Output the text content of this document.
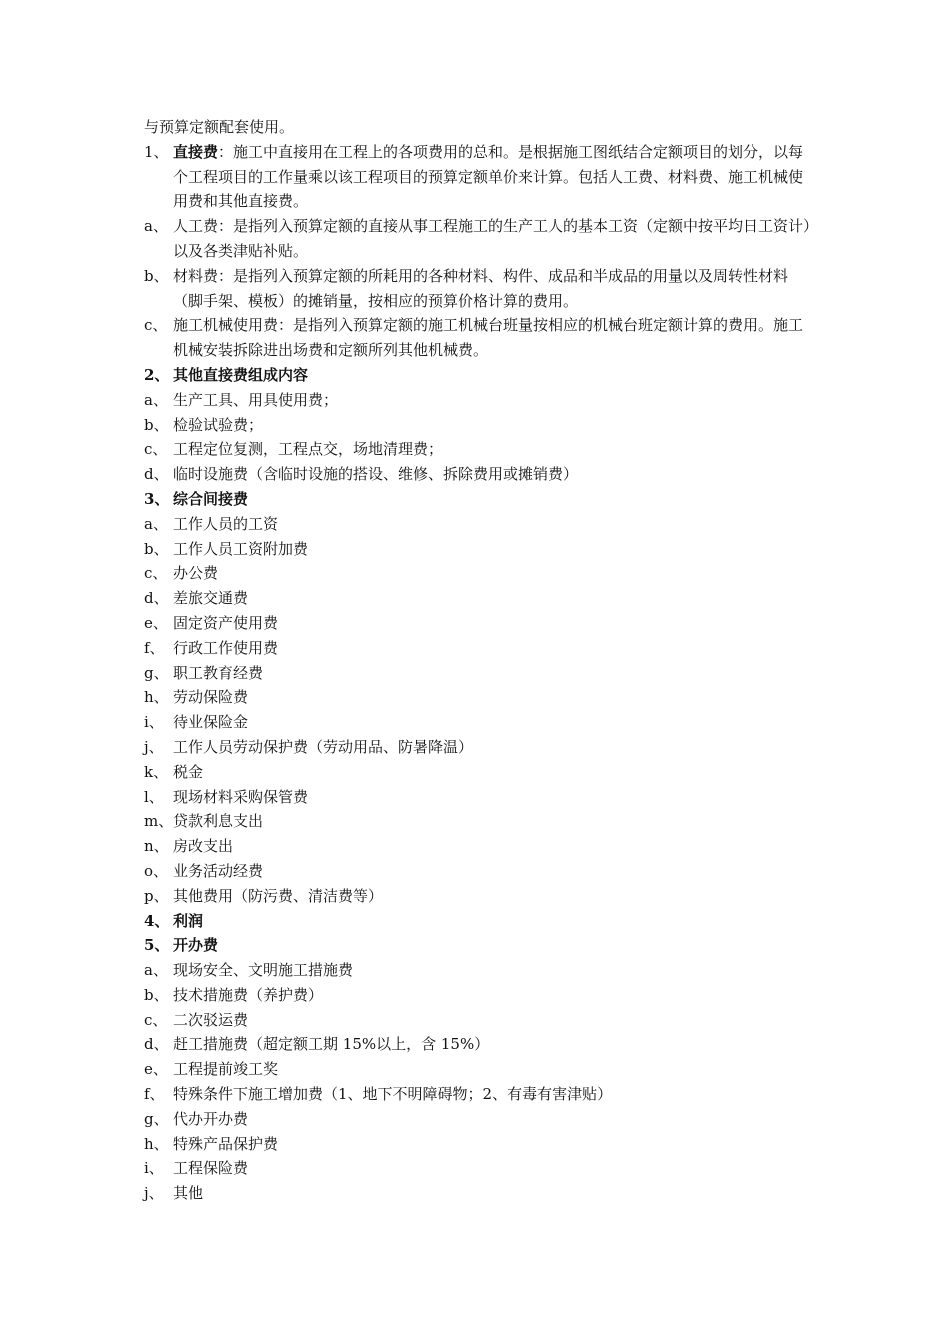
与预算定额配套使用。
1、 直接费：施工中直接用在工程上的各项费用的总和。是根据施工图纸结合定额项目的划分，以每个工程项目的工作量乘以该工程项目的预算定额单价来计算。包括人工费、材料费、施工机械使用费和其他直接费。
a、 人工费：是指列入预算定额的直接从事工程施工的生产工人的基本工资（定额中按平均日工资计）以及各类津贴补贴。
b、 材料费：是指列入预算定额的所耗用的各种材料、构件、成品和半成品的用量以及周转性材料（脚手架、模板）的摊销量，按相应的预算价格计算的费用。
c、 施工机械使用费：是指列入预算定额的施工机械台班量按相应的机械台班定额计算的费用。施工机械安装拆除进出场费和定额所列其他机械费。
2、 其他直接费组成内容
a、 生产工具、用具使用费；
b、 检验试验费；
c、 工程定位复测，工程点交，场地清理费；
d、 临时设施费（含临时设施的搭设、维修、拆除费用或摊销费）
3、 综合间接费
a、 工作人员的工资
b、 工作人员工资附加费
c、 办公费
d、 差旅交通费
e、 固定资产使用费
f、 行政工作使用费
g、 职工教育经费
h、 劳动保险费
i、 待业保险金
j、 工作人员劳动保护费（劳动用品、防暑降温）
k、 税金
l、 现场材料采购保管费
m、 贷款利息支出
n、 房改支出
o、 业务活动经费
p、 其他费用（防污费、清洁费等）
4、 利润
5、 开办费
a、 现场安全、文明施工措施费
b、 技术措施费（养护费）
c、 二次驳运费
d、 赶工措施费（超定额工期 15%以上，含 15%）
e、 工程提前竣工奖
f、 特殊条件下施工增加费（1、地下不明障碍物；2、有毒有害津贴）
g、 代办开办费
h、 特殊产品保护费
i、 工程保险费
j、 其他
